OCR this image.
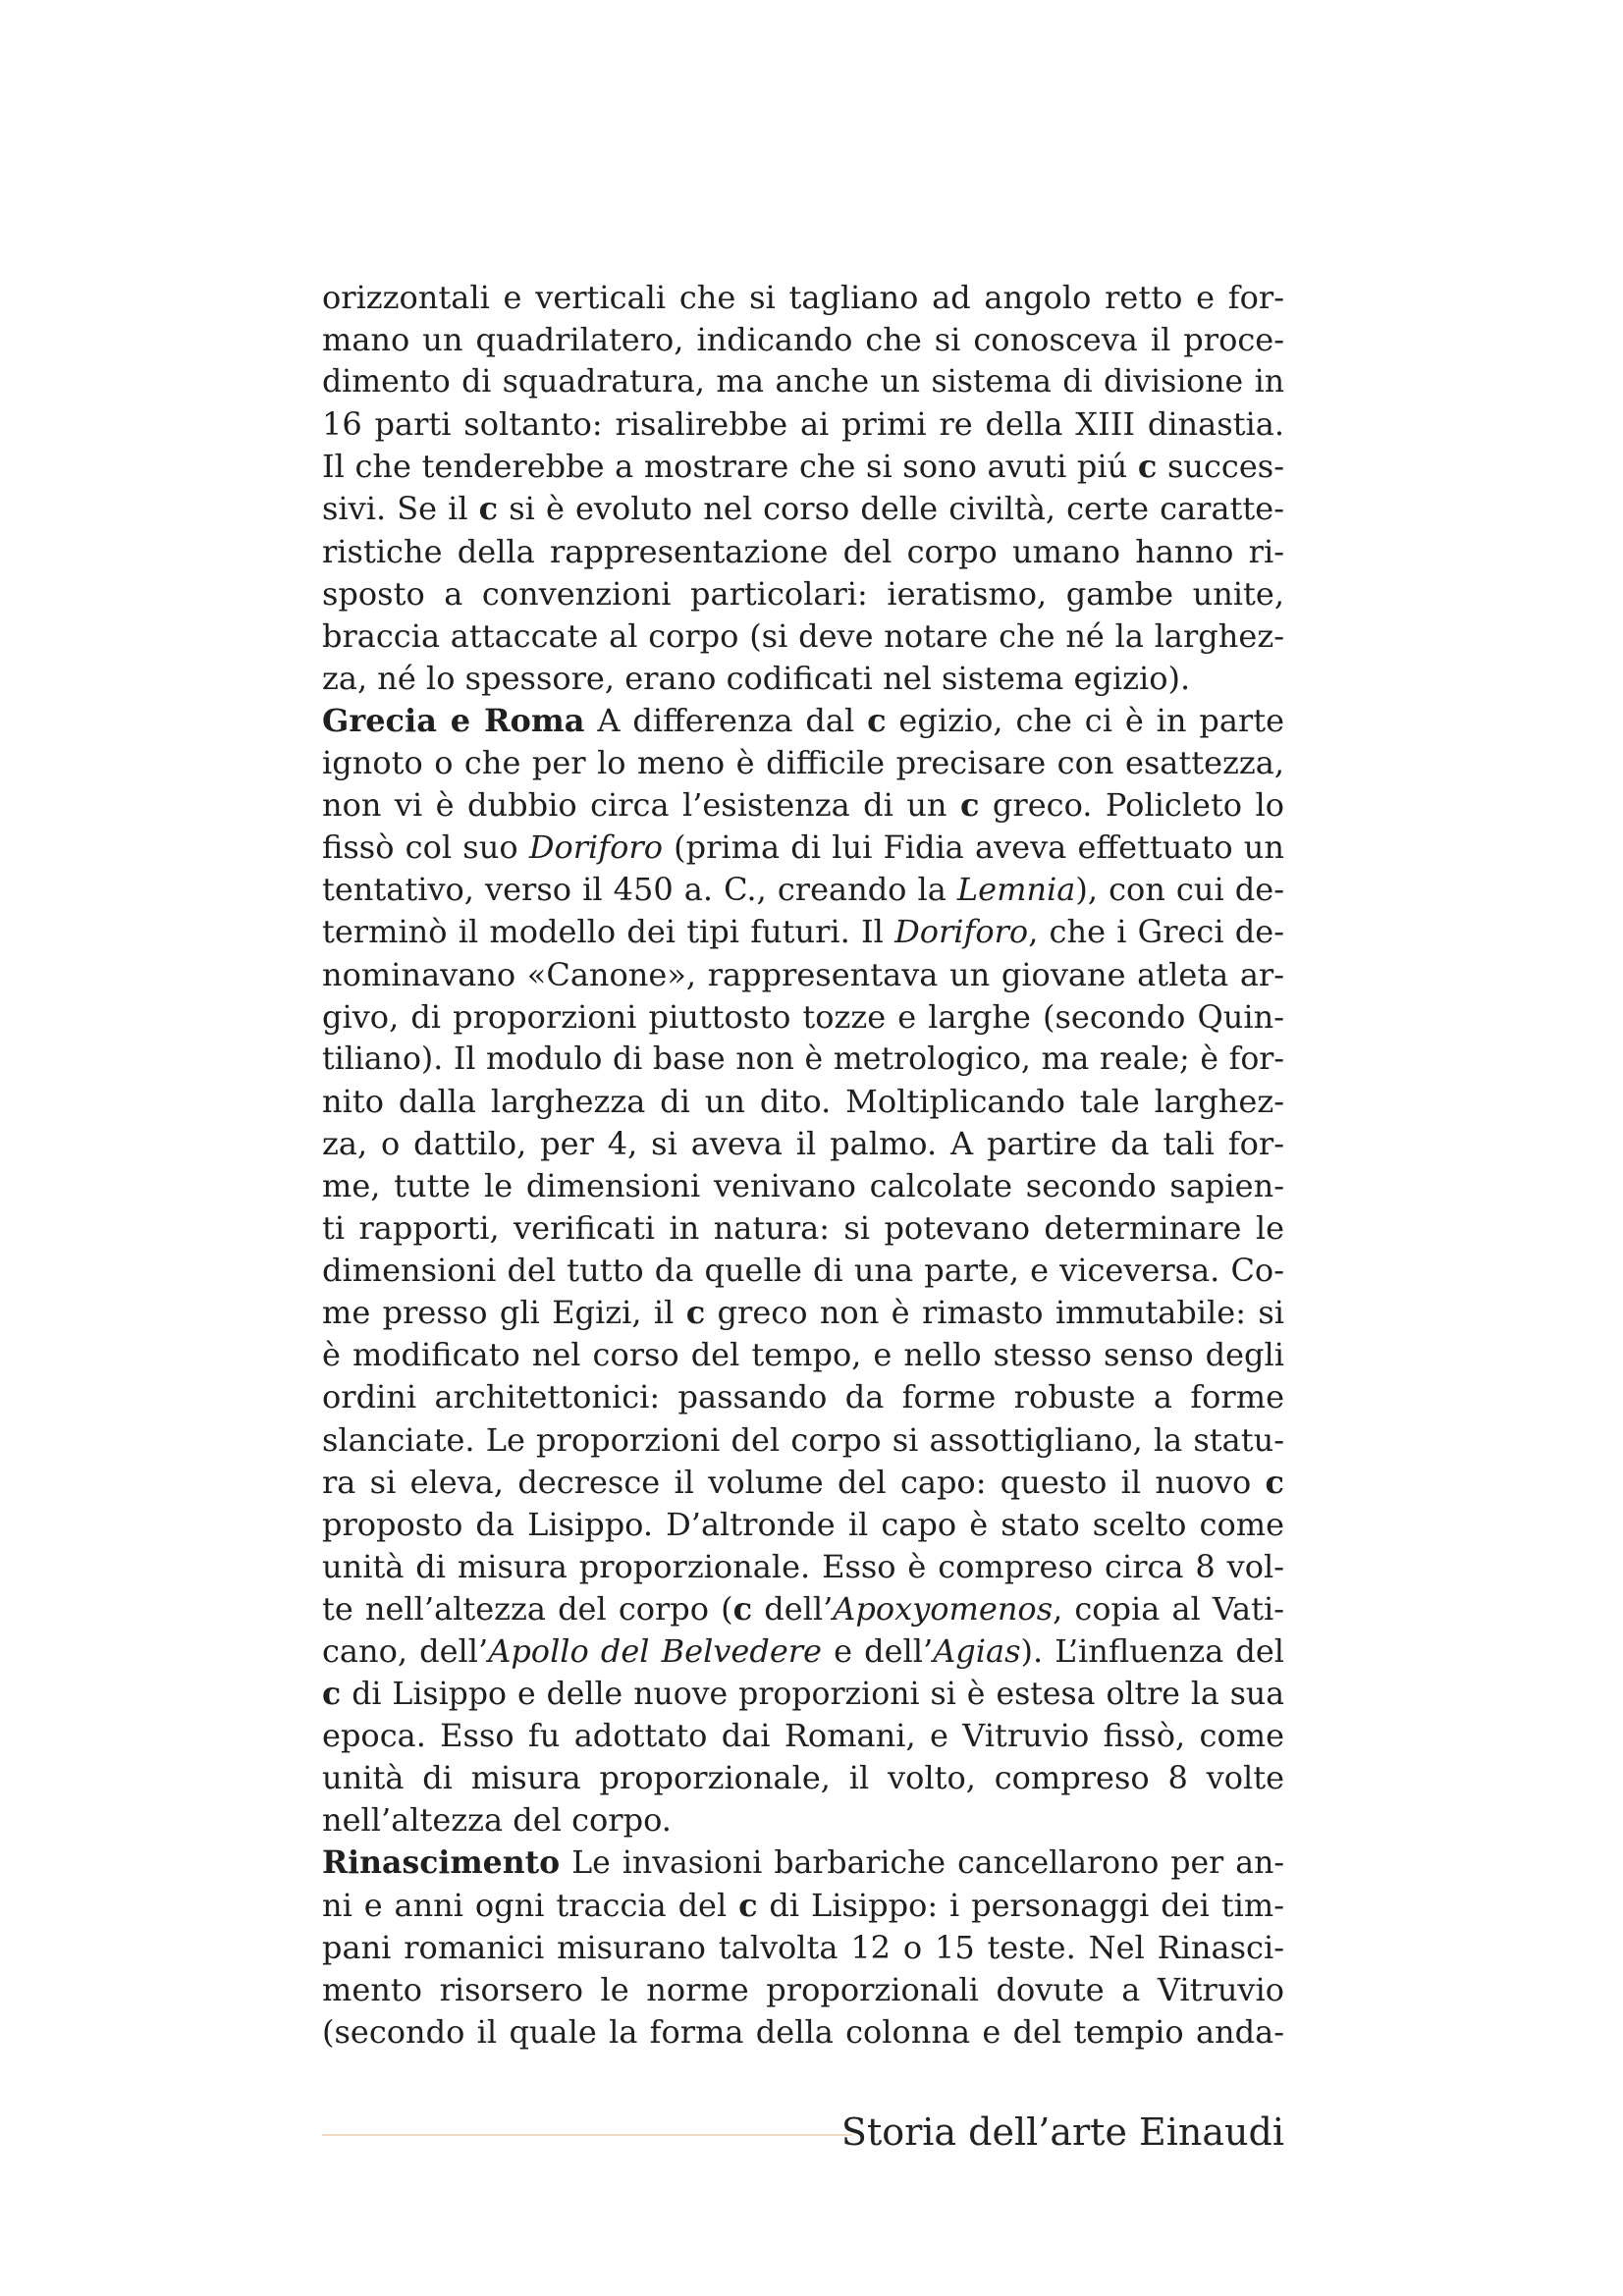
orizzontali e verticali che si tagliano ad angolo retto e for-
mano un quadrilatero, indicando che si conosceva il proce-
dimento di squadratura, ma anche un sistema di divisione in
16 parti soltanto: risalirebbe ai primi re della XIII dinastia.
Il che tenderebbe a mostrare che si sono avuti piú c succes-
sivi. Se il c si è evoluto nel corso delle civiltà, certe caratte-
ristiche della rappresentazione del corpo umano hanno ri-
sposto a convenzioni particolari: ieratismo, gambe unite,
braccia attaccate al corpo (si deve notare che né la larghez-
za, né lo spessore, erano codificati nel sistema egizio).
Grecia e Roma A differenza dal c egizio, che ci è in parte
ignoto o che per lo meno è difficile precisare con esattezza,
non vi è dubbio circa l’esistenza di un c greco. Policleto lo
fissò col suo Doriforo (prima di lui Fidia aveva effettuato un
tentativo, verso il 450 a. C., creando la Lemnia), con cui de-
terminò il modello dei tipi futuri. Il Doriforo, che i Greci de-
nominavano «Canone», rappresentava un giovane atleta ar-
givo, di proporzioni piuttosto tozze e larghe (secondo Quin-
tiliano). Il modulo di base non è metrologico, ma reale; è for-
nito dalla larghezza di un dito. Moltiplicando tale larghez-
za, o dattilo, per 4, si aveva il palmo. A partire da tali for-
me, tutte le dimensioni venivano calcolate secondo sapien-
ti rapporti, verificati in natura: si potevano determinare le
dimensioni del tutto da quelle di una parte, e viceversa. Co-
me presso gli Egizi, il c greco non è rimasto immutabile: si
è modificato nel corso del tempo, e nello stesso senso degli
ordini architettonici: passando da forme robuste a forme
slanciate. Le proporzioni del corpo si assottigliano, la statu-
ra si eleva, decresce il volume del capo: questo il nuovo c
proposto da Lisippo. D’altronde il capo è stato scelto come
unità di misura proporzionale. Esso è compreso circa 8 vol-
te nell’altezza del corpo (c dell’Apoxyomenos, copia al Vati-
cano, dell’Apollo del Belvedere e dell’Agias). L’influenza del
c di Lisippo e delle nuove proporzioni si è estesa oltre la sua
epoca. Esso fu adottato dai Romani, e Vitruvio fissò, come
unità di misura proporzionale, il volto, compreso 8 volte
nell’altezza del corpo.
Rinascimento Le invasioni barbariche cancellarono per an-
ni e anni ogni traccia del c di Lisippo: i personaggi dei tim-
pani romanici misurano talvolta 12 o 15 teste. Nel Rinasci-
mento risorsero le norme proporzionali dovute a Vitruvio
(secondo il quale la forma della colonna e del tempio anda-
Storia dell’arte Einaudi
